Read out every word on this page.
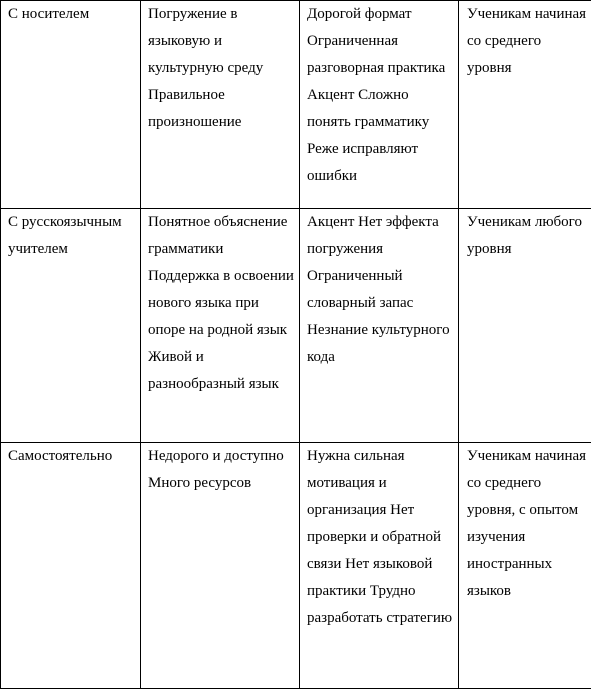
С носителем	Погружение в языковую и культурную среду Правильное произношение	Дорогой формат Ограниченная разговорная практика Акцент Сложно понять грамматику Реже исправляют ошибки	Ученикам начиная со среднего уровня

С русскоязычным учителем	Понятное объяснение грамматики Поддержка в освоении нового языка при опоре на родной язык Живой и разнообразный язык	Акцент Нет эффекта погружения Ограниченный словарный запас Незнание культурного кода	Ученикам любого уровня

Самостоятельно	Недорого и доступно Много ресурсов	Нужна сильная мотивация и организация Нет проверки и обратной связи Нет языковой практики Трудно разработать стратегию	Ученикам начиная со среднего уровня, с опытом изучения иностранных языков
